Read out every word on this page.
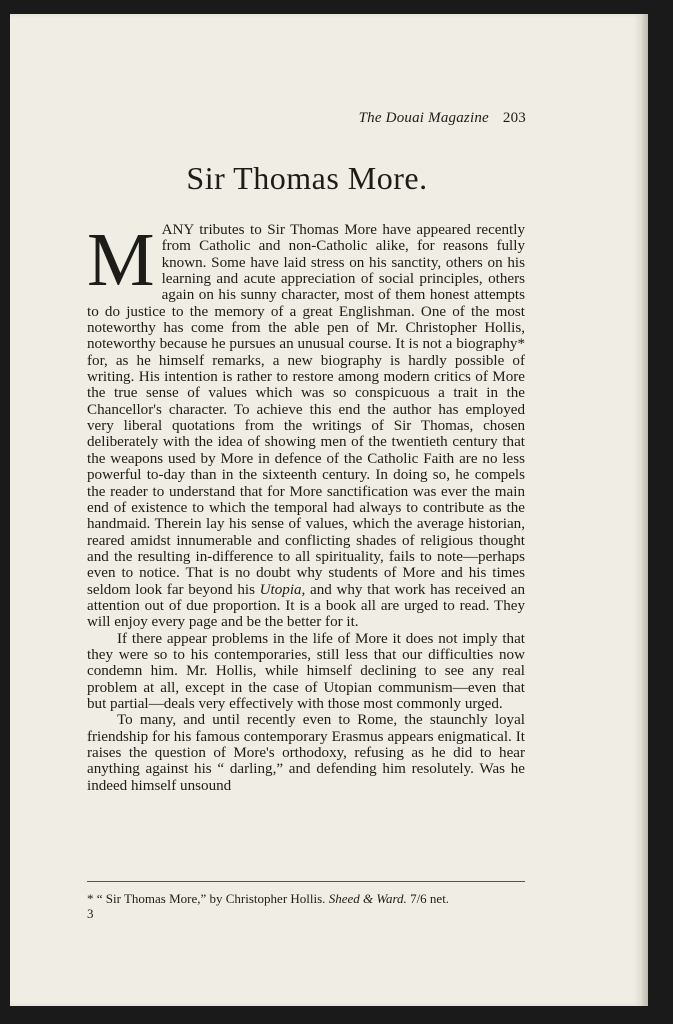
The Douai Magazine 203
Sir Thomas More.

MANY tributes to Sir Thomas More have appeared recently from Catholic and non-Catholic alike, for reasons fully known. Some have laid stress on his sanctity, others on his learning and acute appreciation of social principles, others again on his sunny character, most of them honest attempts to do justice to the memory of a great Englishman. One of the most noteworthy has come from the able pen of Mr. Christopher Hollis, noteworthy because he pursues an unusual course. It is not a biography* for, as he himself remarks, a new biography is hardly possible of writing. His intention is rather to restore among modern critics of More the true sense of values which was so conspicuous a trait in the Chancellor's character. To achieve this end the author has employed very liberal quotations from the writings of Sir Thomas, chosen deliberately with the idea of showing men of the twentieth century that the weapons used by More in defence of the Catholic Faith are no less powerful to-day than in the sixteenth century. In doing so, he compels the reader to understand that for More sanctification was ever the main end of existence to which the temporal had always to contribute as the handmaid. Therein lay his sense of values, which the average historian, reared amidst innumerable and conflicting shades of religious thought and the resulting in-difference to all spirituality, fails to note—perhaps even to notice. That is no doubt why students of More and his times seldom look far beyond his Utopia, and why that work has received an attention out of due proportion. It is a book all are urged to read. They will enjoy every page and be the better for it.

If there appear problems in the life of More it does not imply that they were so to his contemporaries, still less that our difficulties now condemn him. Mr. Hollis, while himself declining to see any real problem at all, except in the case of Utopian communism—even that but partial—deals very effectively with those most commonly urged.

To many, and until recently even to Rome, the staunchly loyal friendship for his famous contemporary Erasmus appears enigmatical. It raises the question of More's orthodoxy, refusing as he did to hear anything against his “ darling,” and defending him resolutely. Was he indeed himself unsound

* “ Sir Thomas More,” by Christopher Hollis. Sheed & Ward. 7/6 net.
3
